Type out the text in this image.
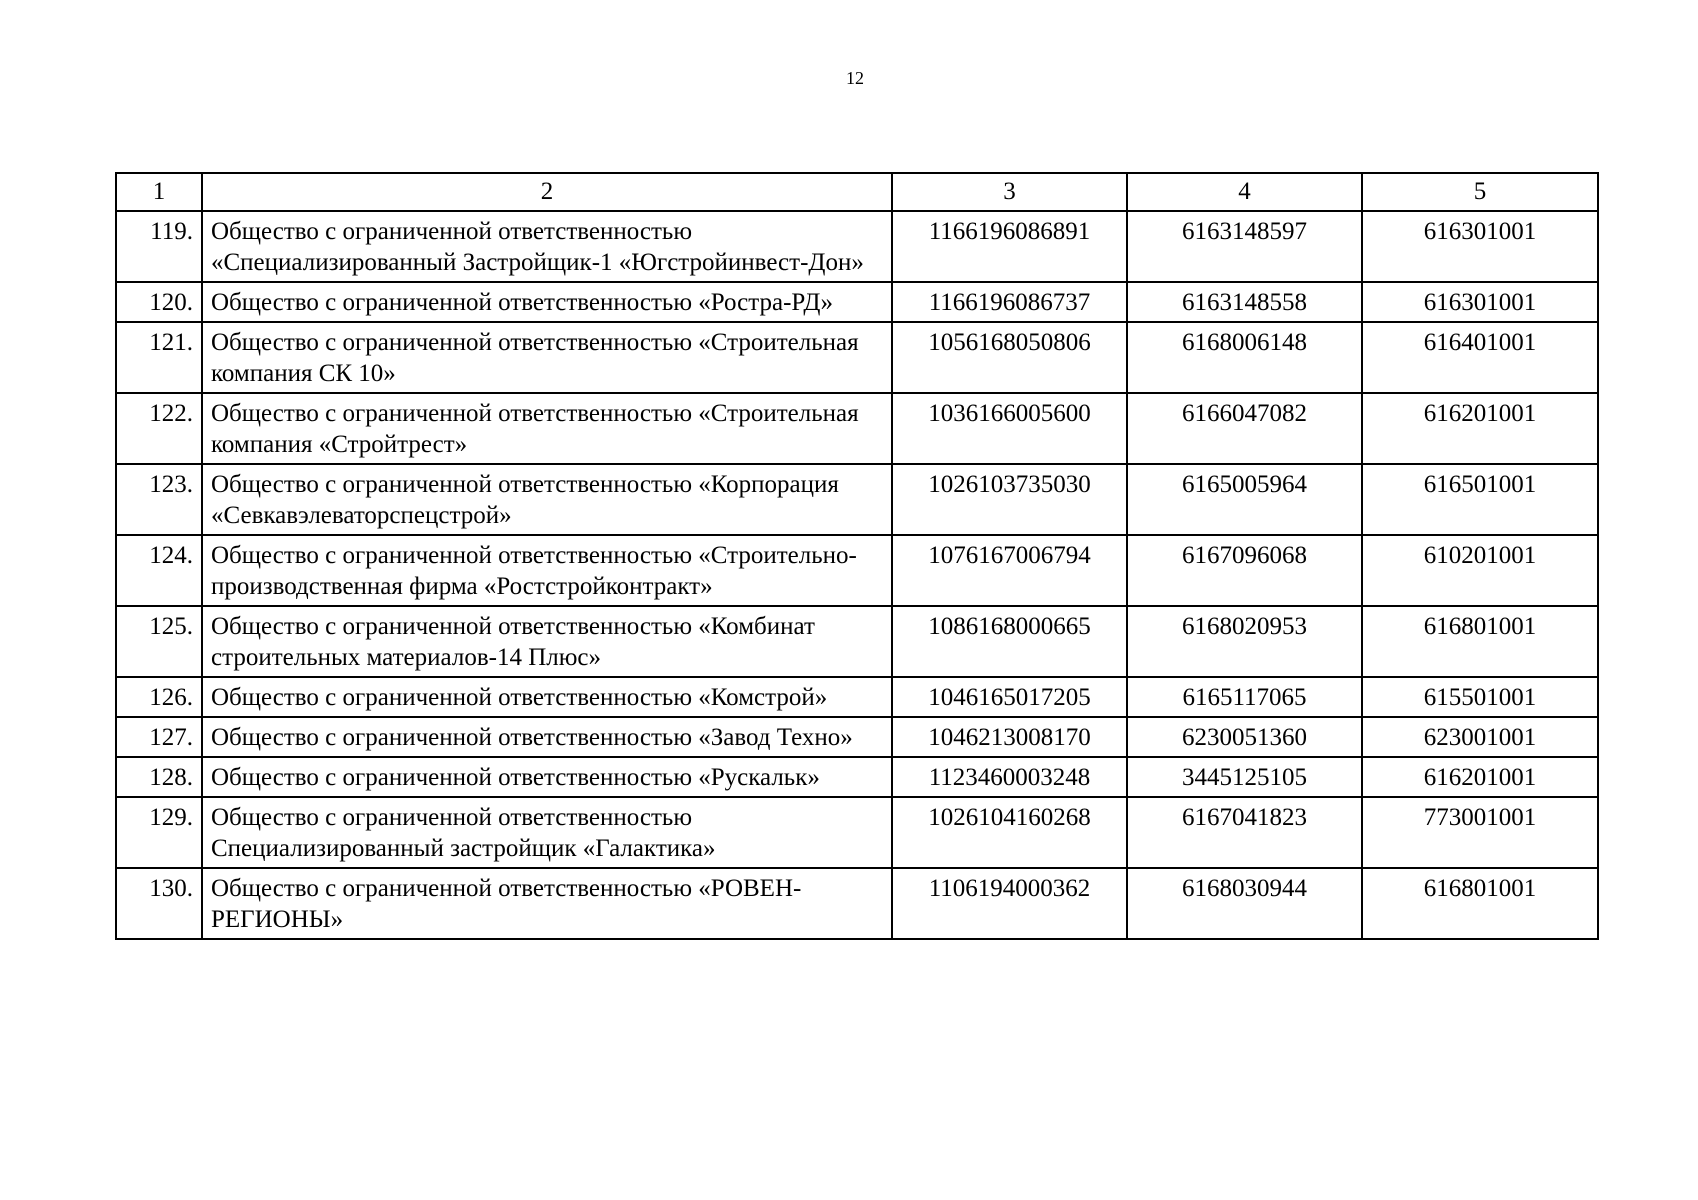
12
1	2	3	4	5
119.	Общество с ограниченной ответственностью «Специализированный Застройщик-1 «Югстройинвест-Дон»	1166196086891	6163148597	616301001
120.	Общество с ограниченной ответственностью «Ростра-РД»	1166196086737	6163148558	616301001
121.	Общество с ограниченной ответственностью «Строительная компания СК 10»	1056168050806	6168006148	616401001
122.	Общество с ограниченной ответственностью «Строительная компания «Стройтрест»	1036166005600	6166047082	616201001
123.	Общество с ограниченной ответственностью «Корпорация «Севкавэлеваторспецстрой»	1026103735030	6165005964	616501001
124.	Общество с ограниченной ответственностью «Строительно-производственная фирма «Ростстройконтракт»	1076167006794	6167096068	610201001
125.	Общество с ограниченной ответственностью «Комбинат строительных материалов-14 Плюс»	1086168000665	6168020953	616801001
126.	Общество с ограниченной ответственностью «Комстрой»	1046165017205	6165117065	615501001
127.	Общество с ограниченной ответственностью «Завод Техно»	1046213008170	6230051360	623001001
128.	Общество с ограниченной ответственностью «Рускальк»	1123460003248	3445125105	616201001
129.	Общество с ограниченной ответственностью Специализированный застройщик «Галактика»	1026104160268	6167041823	773001001
130.	Общество с ограниченной ответственностью «РОВЕН-РЕГИОНЫ»	1106194000362	6168030944	616801001
